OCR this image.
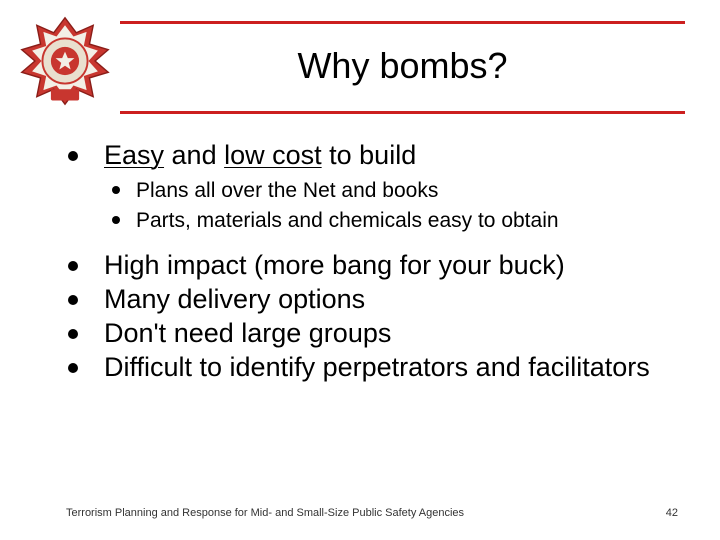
Why bombs?
Easy and low cost to build
Plans all over the Net and books
Parts, materials and chemicals easy to obtain
High impact (more bang for your buck)
Many delivery options
Don't need large groups
Difficult to identify perpetrators and facilitators
Terrorism Planning and Response for Mid- and Small-Size Public Safety Agencies	42
